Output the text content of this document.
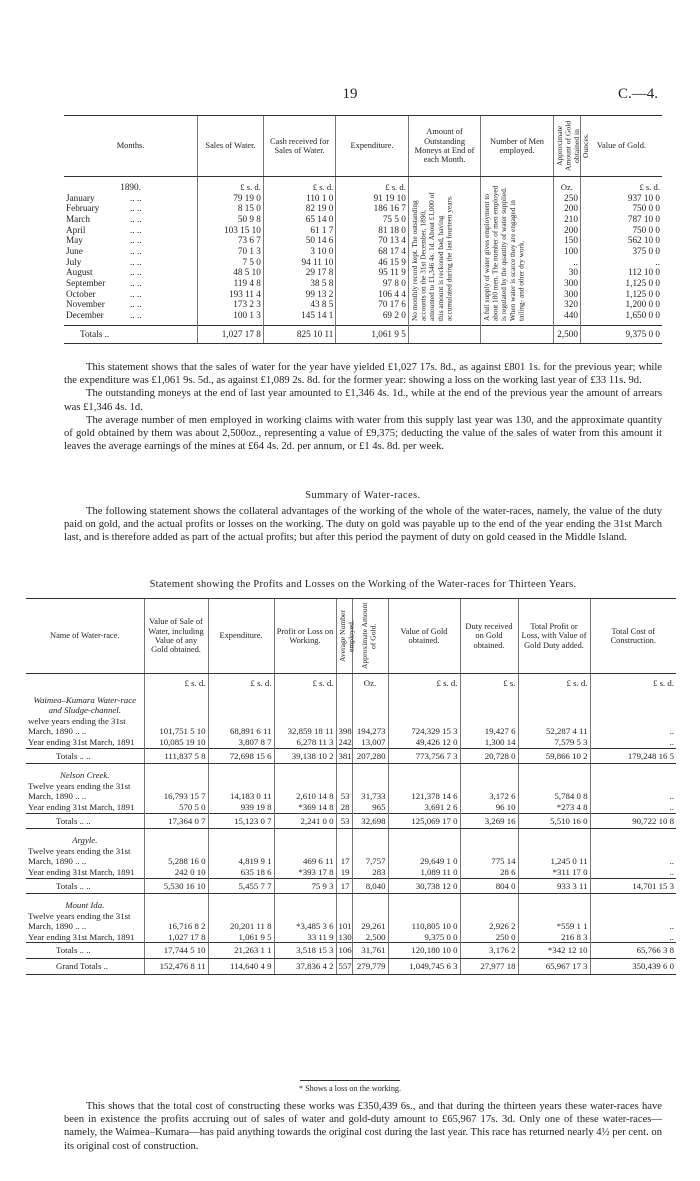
19	C.—4.
Months.	Sales of Water.	Cash received for Sales of Water.	Expenditure.	Amount of Outstanding Moneys at End of each Month.	Number of Men employed.	Approximate Amount of Gold obtained in Ounces.	Value of Gold.
1890.	£ s. d.	£ s. d.	£ s. d.	No monthly record kept. The outstanding accounts on the 31st December, 1890, amounted to £1,346 4s. 1d. About £1,000 of this amount is reckoned bad, having accumulated during the last fourteen years.	A full supply of water gives employment to about 180 men. The number of men employed is regulated by the quantity of water supplied. When water is scarce they are engaged in tailing- and other dry work.	Oz.	£ s. d.
January .. ..	79 19 0	110 1 0	91 19 10			250	937 10 0
February .. ..	8 15 0	82 19 0	186 16 7			200	750 0 0
March .. ..	50 9 8	65 14 0	75 5 0			210	787 10 0
April .. ..	103 15 10	61 1 7	81 18 0			200	750 0 0
May .. ..	73 6 7	50 14 6	70 13 4			150	562 10 0
June .. ..	70 1 3	3 10 0	68 17 4			100	375 0 0
July .. ..	7 5 0	94 11 10	46 15 9			..	..
August .. ..	48 5 10	29 17 8	95 11 9			30	112 10 0
September .. ..	119 4 8	38 5 8	97 8 0			300	1,125 0 0
October .. ..	193 11 4	99 13 2	106 4 4			300	1,125 0 0
November .. ..	173 2 3	43 8 5	70 17 6			320	1,200 0 0
December .. ..	100 1 3	145 14 1	69 2 0			440	1,650 0 0
Totals ..	1,027 17 8	825 10 11	1,061 9 5			2,500	9,375 0 0

This statement shows that the sales of water for the year have yielded £1,027 17s. 8d., as against £801 1s. for the previous year; while the expenditure was £1,061 9s. 5d., as against £1,089 2s. 8d. for the former year: showing a loss on the working last year of £33 11s. 9d.

The outstanding moneys at the end of last year amounted to £1,346 4s. 1d., while at the end of the previous year the amount of arrears was £1,346 4s. 1d.

The average number of men employed in working claims with water from this supply last year was 130, and the approximate quantity of gold obtained by them was about 2,500oz., representing a value of £9,375; deducting the value of the sales of water from this amount it leaves the average earnings of the mines at £64 4s. 2d. per annum, or £1 4s. 8d. per week.

Summary of Water-races.

The following statement shows the collateral advantages of the working of the whole of the water-races, namely, the value of the duty paid on gold, and the actual profits or losses on the working. The duty on gold was payable up to the end of the year ending the 31st March last, and is therefore added as part of the actual profits; but after this period the payment of duty on gold ceased in the Middle Island.

Statement showing the Profits and Losses on the Working of the Water-races for Thirteen Years.
Name of Water-race.	Value of Sale of Water, including Value of any Gold obtained.	Expenditure.	Profit or Loss on Working.	Average Number employed.	Approximate Amount of Gold.	Value of Gold obtained.	Duty received on Gold obtained.	Total Profit or Loss, with Value of Gold Duty added.	Total Cost of Construction.
	£ s. d.	£ s. d.	£ s. d.		Oz.	£ s. d.	£ s.	£ s. d.	£ s. d.
Waimea–Kumara Water-race and Sludge-channel.									
welve years ending the 31st March, 1890 .. ..	101,751 5 10	68,891 6 11	32,859 18 11	398	194,273	724,329 15 3	19,427 6	52,287 4 11	..
Year ending 31st March, 1891	10,085 19 10	3,807 8 7	6,278 11 3	242	13,007	49,426 12 0	1,300 14	7,579 5 3	..
Totals .. ..	111,837 5 8	72,698 15 6	39,138 10 2	381	207,280	773,756 7 3	20,728 0	59,866 10 2	179,248 16 5
Nelson Creek.									
Twelve years ending the 31st March, 1890 .. ..	16,793 15 7	14,183 0 11	2,610 14 8	53	31,733	121,378 14 6	3,172 6	5,784 0 8	..
Year ending 31st March, 1891	570 5 0	939 19 8	*369 14 8	28	965	3,691 2 6	96 10	*273 4 8	..
Totals .. ..	17,364 0 7	15,123 0 7	2,241 0 0	53	32,698	125,069 17 0	3,269 16	5,510 16 0	90,722 10 8
Argyle.									
Twelve years ending the 31st March, 1890 .. ..	5,288 16 0	4,819 9 1	469 6 11	17	7,757	29,649 1 0	775 14	1,245 0 11	..
Year ending 31st March, 1891	242 0 10	635 18 6	*393 17 8	19	283	1,089 11 0	28 6	*311 17 0	..
Totals .. ..	5,530 16 10	5,455 7 7	75 9 3	17	8,040	30,738 12 0	804 0	933 3 11	14,701 15 3
Mount Ida.									
Twelve years ending the 31st March, 1890 .. ..	16,716 8 2	20,201 11 8	*3,485 3 6	101	29,261	110,805 10 0	2,926 2	*559 1 1	..
Year ending 31st March, 1891	1,027 17 8	1,061 9 5	33 11 9	130	2,500	9,375 0 0	250 0	216 8 3	..
Totals .. ..	17,744 5 10	21,263 1 1	3,518 15 3	106	31,761	120,180 10 0	3,176 2	*342 12 10	65,766 3 8
Grand Totals ..	152,476 8 11	114,640 4 9	37,836 4 2	557	279,779	1,049,745 6 3	27,977 18	65,967 17 3	350,439 6 0
* Shows a loss on the working.

This shows that the total cost of constructing these works was £350,439 6s., and that during the thirteen years these water-races have been in existence the profits accruing out of sales of water and gold-duty amount to £65,967 17s. 3d. Only one of these water-races—namely, the Waimea–Kumara—has paid anything towards the original cost during the last year. This race has returned nearly 4½ per cent. on its original cost of construction.
